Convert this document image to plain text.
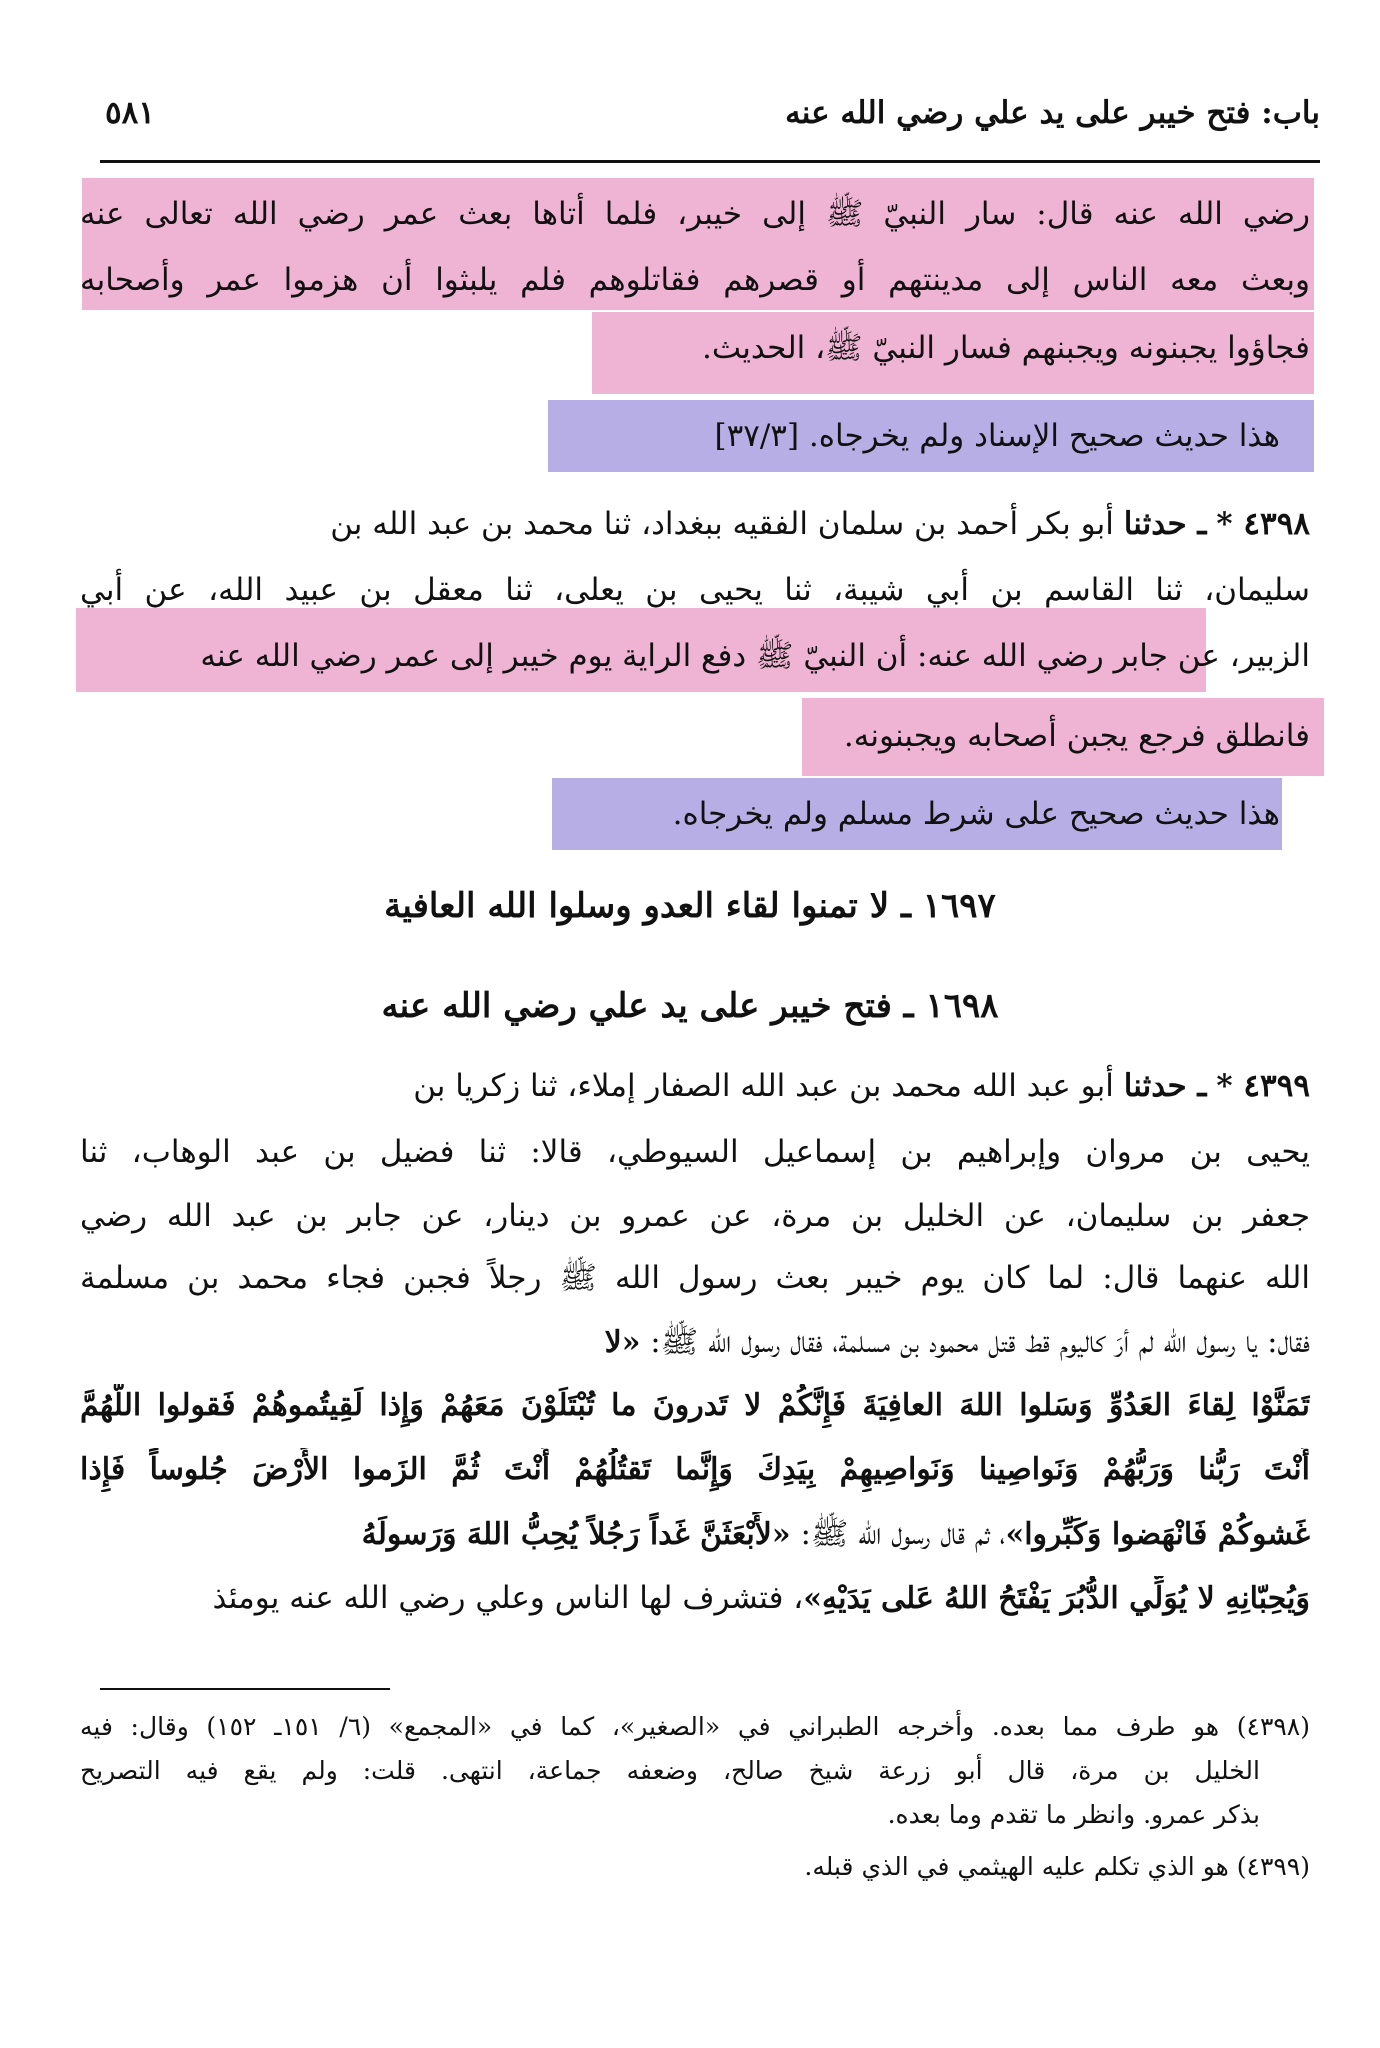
باب: فتح خيبر على يد علي رضي الله عنه
٥٨١
رضي الله عنه قال: سار النبيّ ﷺ إلى خيبر، فلما أتاها بعث عمر رضي الله تعالى عنه
وبعث معه الناس إلى مدينتهم أو قصرهم فقاتلوهم فلم يلبثوا أن هزموا عمر وأصحابه
فجاؤوا يجبنونه ويجبنهم فسار النبيّ ﷺ، الحديث.
هذا حديث صحيح الإسناد ولم يخرجاه. [٣٧/٣]
٤٣٩٨ * ـ حدثنا أبو بكر أحمد بن سلمان الفقيه ببغداد، ثنا محمد بن عبد الله بن
سليمان، ثنا القاسم بن أبي شيبة، ثنا يحيى بن يعلى، ثنا معقل بن عبيد الله، عن أبي
الزبير، عن جابر رضي الله عنه: أن النبيّ ﷺ دفع الراية يوم خيبر إلى عمر رضي الله عنه
فانطلق فرجع يجبن أصحابه ويجبنونه.
هذا حديث صحيح على شرط مسلم ولم يخرجاه.
١٦٩٧ ـ لا تمنوا لقاء العدو وسلوا الله العافية
١٦٩٨ ـ فتح خيبر على يد علي رضي الله عنه
٤٣٩٩ * ـ حدثنا أبو عبد الله محمد بن عبد الله الصفار إملاء، ثنا زكريا بن
يحيى بن مروان وإبراهيم بن إسماعيل السيوطي، قالا: ثنا فضيل بن عبد الوهاب، ثنا
جعفر بن سليمان، عن الخليل بن مرة، عن عمرو بن دينار، عن جابر بن عبد الله رضي
الله عنهما قال: لما كان يوم خيبر بعث رسول الله ﷺ رجلاً فجبن فجاء محمد بن مسلمة
فقال: يا رسول الله لم أرَ كاليوم قط قتل محمود بن مسلمة، فقال رسول الله ﷺ: «لا
تَمَنَّوْا لِقاءَ العَدُوِّ وَسَلوا اللهَ العافِيَةَ فَإِنَّكُمْ لا تَدرونَ ما تُبْتَلَوْنَ مَعَهُمْ وَإِذا لَقِيتُموهُمْ فَقولوا اللَّهُمَّ
أَنْتَ رَبُّنا وَرَبُّهُمْ وَنَواصِينا وَنَواصِيهِمْ بِيَدِكَ وَإِنَّما تَقتُلُهُمْ أَنْتَ ثُمَّ الزَموا الأَرْضَ جُلوساً فَإِذا
غَشوكُمْ فَانْهَضوا وَكَبِّروا»، ثم قال رسول الله ﷺ: «لأَبْعَثَنَّ غَداً رَجُلاً يُحِبُّ اللهَ وَرَسولَهُ
وَيُحِبّانِهِ لا يُوَلِّي الدُّبُرَ يَفْتَحُ اللهُ عَلى يَدَيْهِ»، فتشرف لها الناس وعلي رضي الله عنه يومئذ
(٤٣٩٨) هو طرف مما بعده. وأخرجه الطبراني في «الصغير»، كما في «المجمع» (٦/ ١٥١ـ ١٥٢) وقال: فيه
الخليل بن مرة، قال أبو زرعة شيخ صالح، وضعفه جماعة، انتهى. قلت: ولم يقع فيه التصريح
بذكر عمرو. وانظر ما تقدم وما بعده.
(٤٣٩٩) هو الذي تكلم عليه الهيثمي في الذي قبله.
